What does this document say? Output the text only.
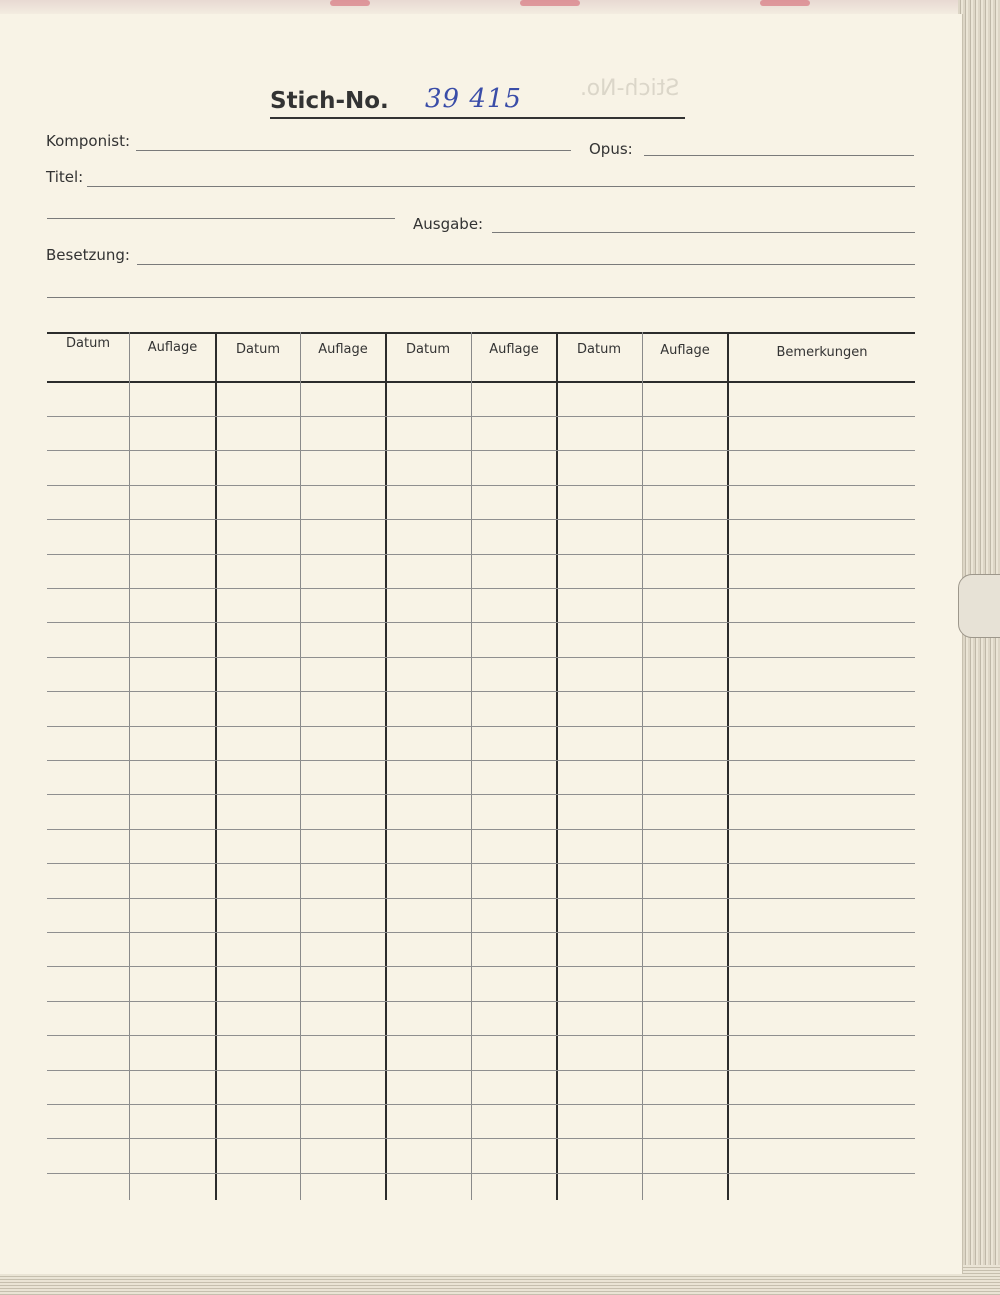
Stich-No.
Stich-No. 39 415
Komponist:	Opus:
Titel:
Ausgabe:
Besetzung:
Datum	Auflage	Datum	Auflage	Datum	Auflage	Datum	Auflage	Bemerkungen
